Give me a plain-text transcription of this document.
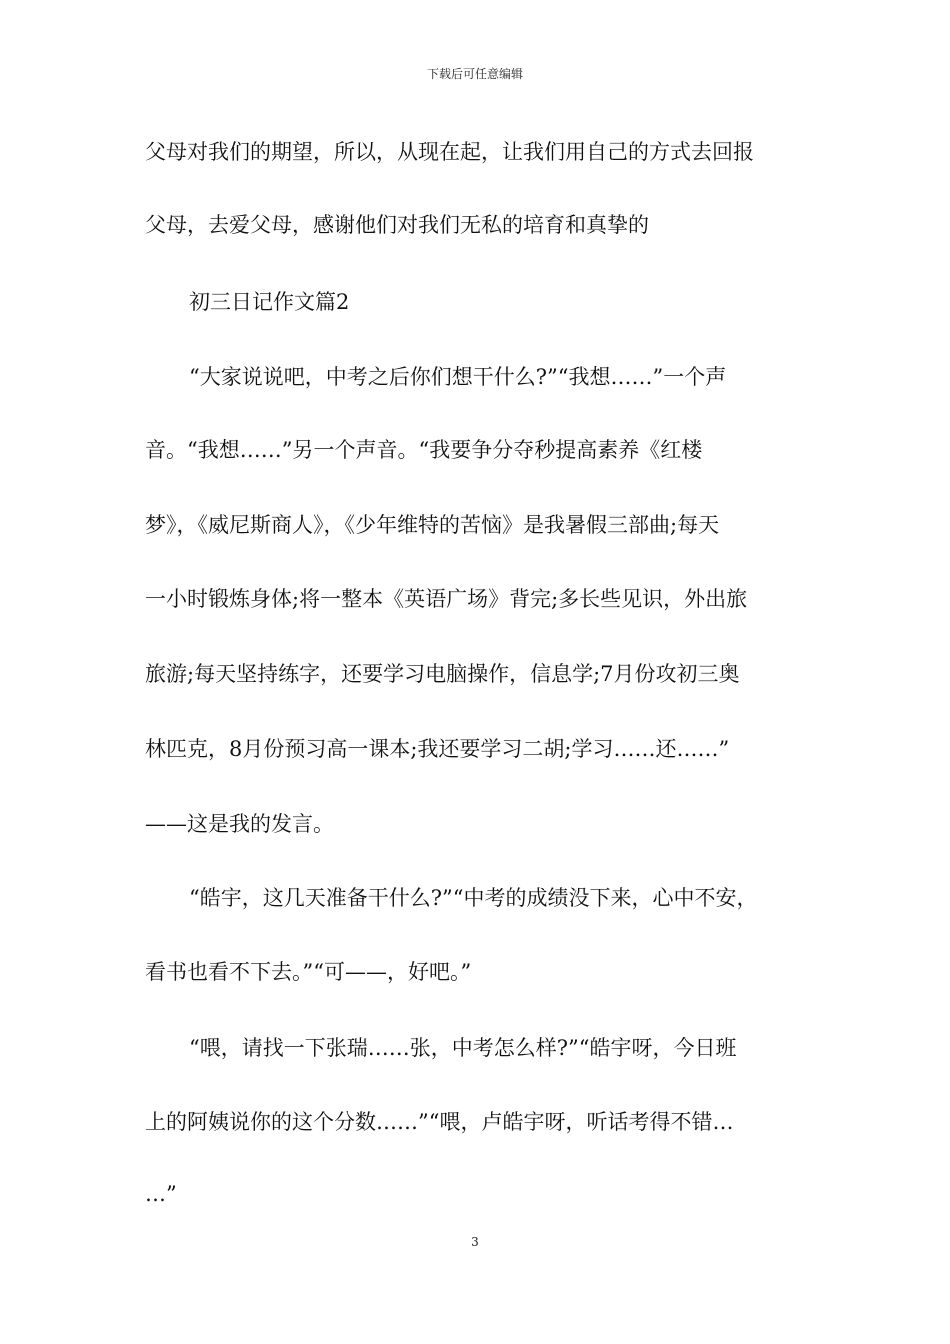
下载后可任意编辑
父母对我们的期望，所以，从现在起，让我们用自己的方式去回报
父母，去爱父母，感谢他们对我们无私的培育和真挚的
初三日记作文篇2
“大家说说吧，中考之后你们想干什么?”“我想……”一个声
音。“我想……”另一个声音。“我要争分夺秒提高素养《红楼
梦》，《威尼斯商人》，《少年维特的苦恼》是我暑假三部曲;每天
一小时锻炼身体;将一整本《英语广场》背完;多长些见识，外出旅
旅游;每天坚持练字，还要学习电脑操作，信息学;7月份攻初三奥
林匹克，8月份预习高一课本;我还要学习二胡;学习……还……”
——这是我的发言。
“皓宇，这几天准备干什么?”“中考的成绩没下来，心中不安，
看书也看不下去。”“可——，好吧。”
“喂，请找一下张瑞……张，中考怎么样?”“皓宇呀，今日班
上的阿姨说你的这个分数……”“喂，卢皓宇呀，听话考得不错…
…”
3
